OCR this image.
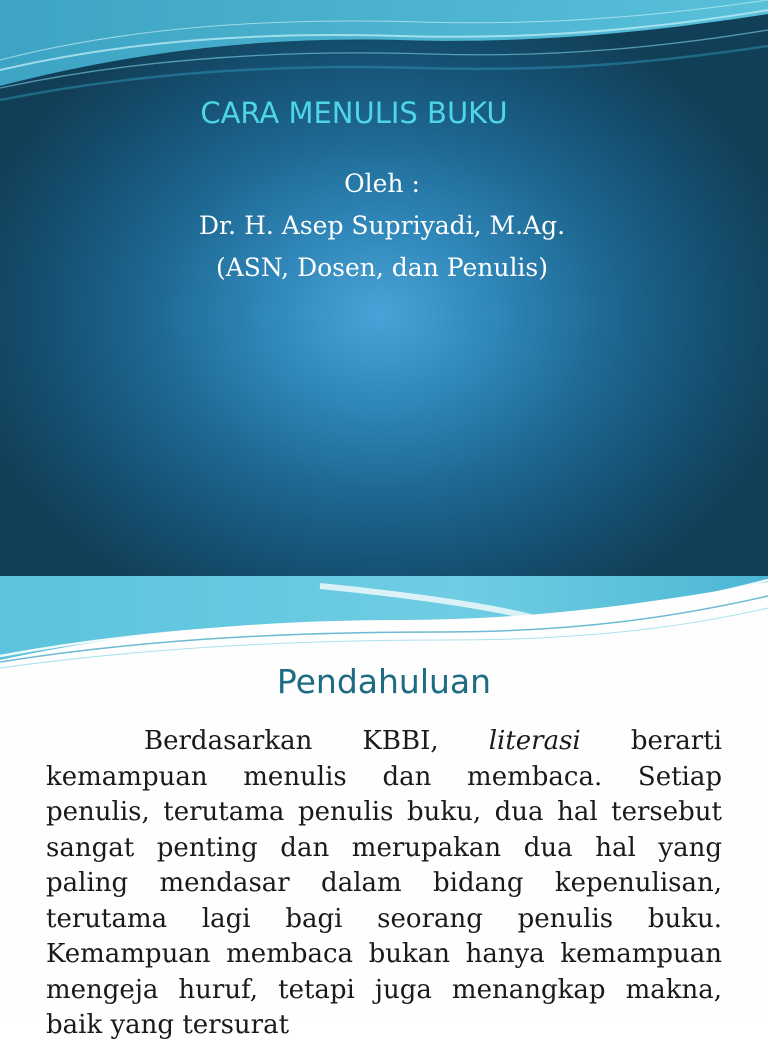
CARA MENULIS BUKU
Oleh :
Dr. H. Asep Supriyadi, M.Ag.
(ASN, Dosen, dan Penulis)
Pendahuluan

Berdasarkan KBBI, literasi berarti kemampuan menulis dan membaca. Setiap penulis, terutama penulis buku, dua hal tersebut sangat penting dan merupakan dua hal yang paling mendasar dalam bidang kepenulisan, terutama lagi bagi seorang penulis buku. Kemampuan membaca bukan hanya kemampuan mengeja huruf, tetapi juga menangkap makna, baik yang tersurat
